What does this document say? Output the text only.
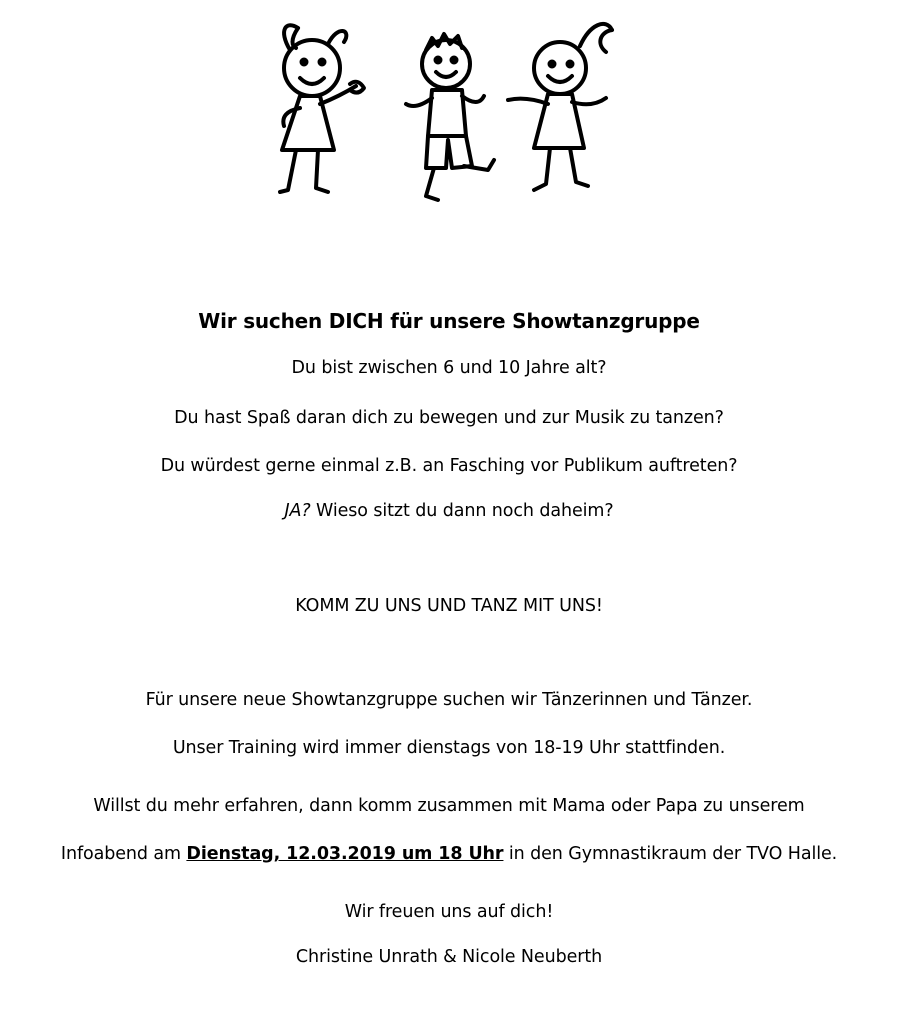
Wir suchen DICH für unsere Showtanzgruppe
Du bist zwischen 6 und 10 Jahre alt?
Du hast Spaß daran dich zu bewegen und zur Musik zu tanzen?
Du würdest gerne einmal z.B. an Fasching vor Publikum auftreten?
JA? Wieso sitzt du dann noch daheim?
KOMM ZU UNS UND TANZ MIT UNS!
Für unsere neue Showtanzgruppe suchen wir Tänzerinnen und Tänzer.
Unser Training wird immer dienstags von 18-19 Uhr stattfinden.
Willst du mehr erfahren, dann komm zusammen mit Mama oder Papa zu unserem
Infoabend am Dienstag, 12.03.2019 um 18 Uhr in den Gymnastikraum der TVO Halle.
Wir freuen uns auf dich!
Christine Unrath & Nicole Neuberth
